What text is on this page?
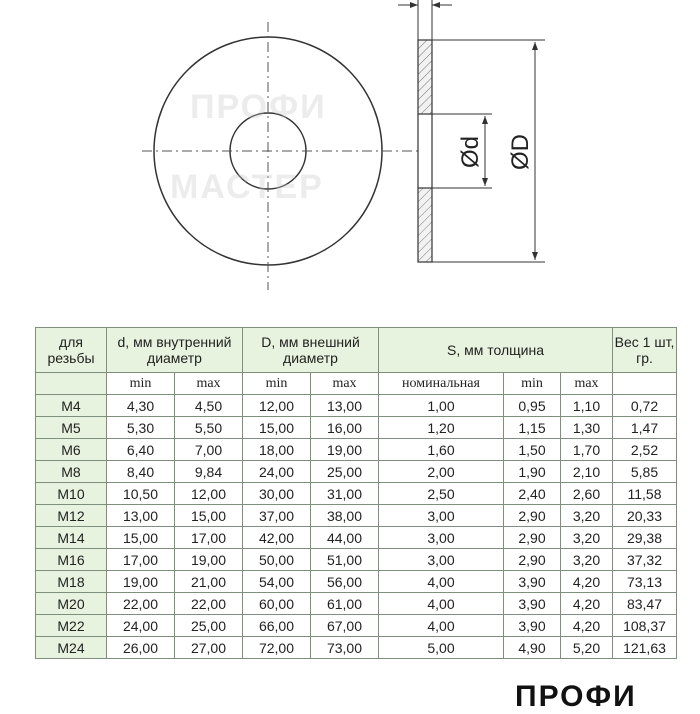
Ød ØD
ПРОФИ
МАСТЕР
для резьбы	d, мм внутренний диаметр		D, мм внешний диаметр		S, мм толщина			Вес 1 шт, гр.
	min	max	min	max	номинальная	min	max	
M4	4,30	4,50	12,00	13,00	1,00	0,95	1,10	0,72
M5	5,30	5,50	15,00	16,00	1,20	1,15	1,30	1,47
M6	6,40	7,00	18,00	19,00	1,60	1,50	1,70	2,52
M8	8,40	9,84	24,00	25,00	2,00	1,90	2,10	5,85
M10	10,50	12,00	30,00	31,00	2,50	2,40	2,60	11,58
M12	13,00	15,00	37,00	38,00	3,00	2,90	3,20	20,33
M14	15,00	17,00	42,00	44,00	3,00	2,90	3,20	29,38
M16	17,00	19,00	50,00	51,00	3,00	2,90	3,20	37,32
M18	19,00	21,00	54,00	56,00	4,00	3,90	4,20	73,13
M20	22,00	22,00	60,00	61,00	4,00	3,90	4,20	83,47
M22	24,00	25,00	66,00	67,00	4,00	3,90	4,20	108,37
M24	26,00	27,00	72,00	73,00	5,00	4,90	5,20	121,63
ПРОФИ
